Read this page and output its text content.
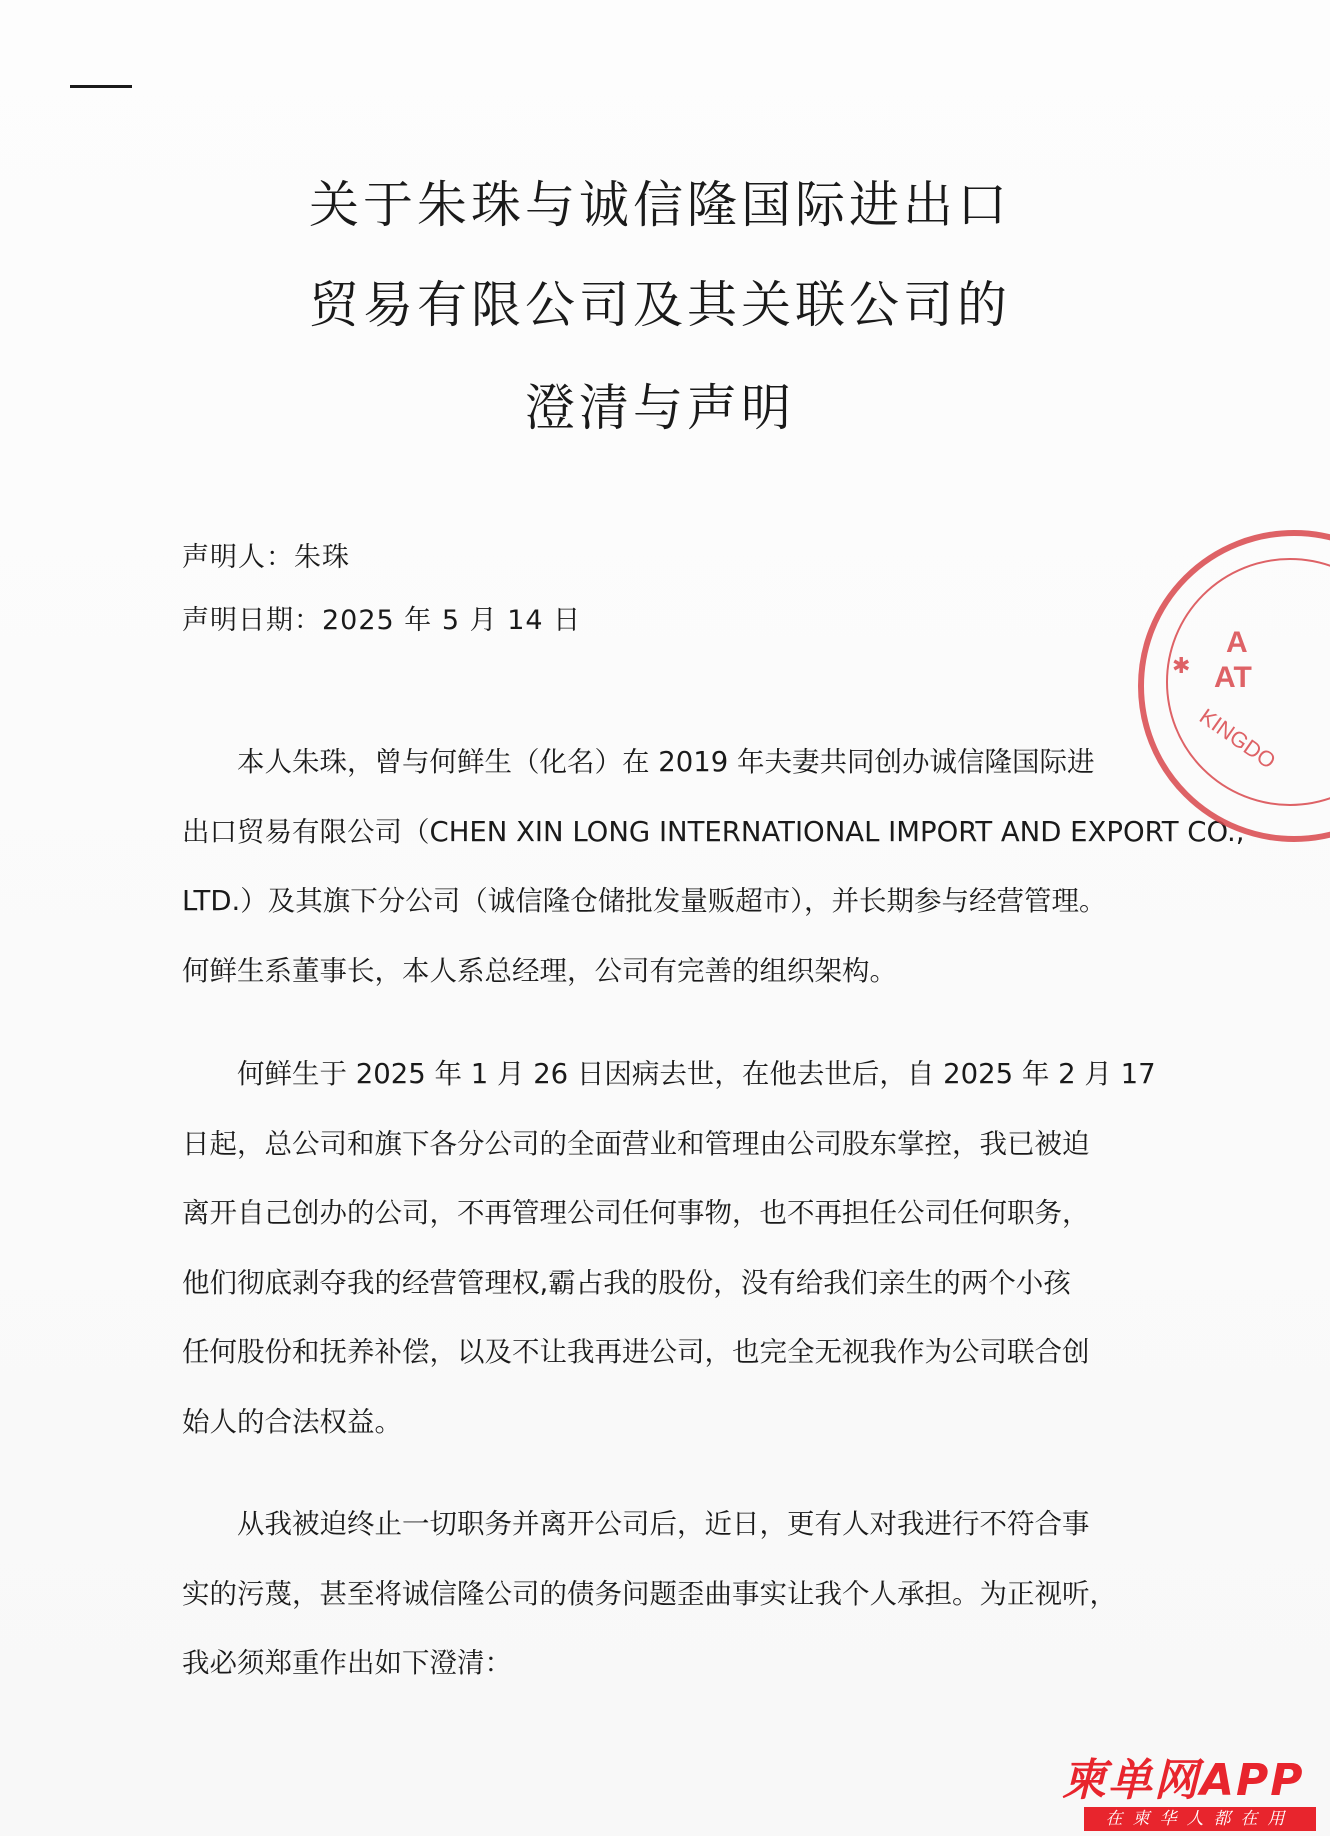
关于朱珠与诚信隆国际进出口
贸易有限公司及其关联公司的
澄清与声明
声明人：朱珠
声明日期：2025 年 5 月 14 日
本人朱珠，曾与何鲜生（化名）在 2019 年夫妻共同创办诚信隆国际进
出口贸易有限公司（CHEN XIN LONG INTERNATIONAL IMPORT AND EXPORT CO.,
LTD.）及其旗下分公司（诚信隆仓储批发量贩超市），并长期参与经营管理。
何鲜生系董事长，本人系总经理，公司有完善的组织架构。
何鲜生于 2025 年 1 月 26 日因病去世，在他去世后，自 2025 年 2 月 17
日起，总公司和旗下各分公司的全面营业和管理由公司股东掌控，我已被迫
离开自己创办的公司，不再管理公司任何事物，也不再担任公司任何职务，
他们彻底剥夺我的经营管理权,霸占我的股份，没有给我们亲生的两个小孩
任何股份和抚养补偿，以及不让我再进公司，也完全无视我作为公司联合创
始人的合法权益。
从我被迫终止一切职务并离开公司后，近日，更有人对我进行不符合事
实的污蔑，甚至将诚信隆公司的债务问题歪曲事实让我个人承担。为正视听，
我必须郑重作出如下澄清：
✱
A
AT
KINGDO
柬单网APP
在柬华人都在用
